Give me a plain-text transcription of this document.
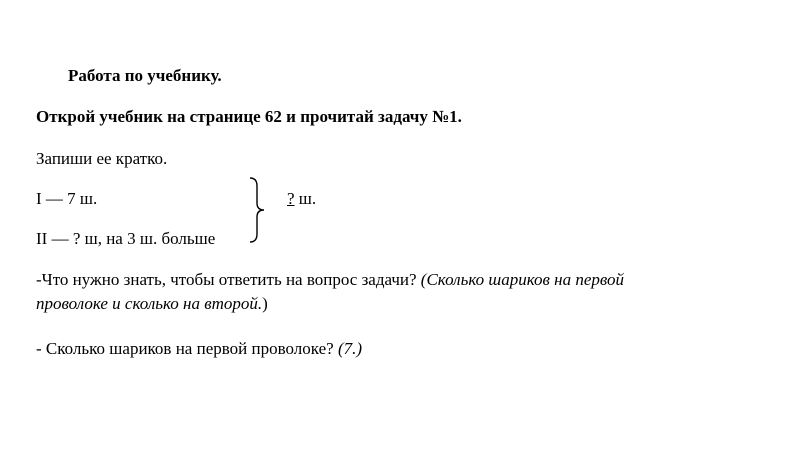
Работа по учебнику.
Открой учебник на странице 62 и прочитай задачу №1.
Запиши ее кратко.
I — 7 ш.
II — ? ш, на 3 ш. больше
? ш.
-Что нужно знать, чтобы ответить на вопрос задачи? (Сколько шариков на первой
проволоке и сколько на второй.)
- Сколько шариков на первой проволоке? (7.)
